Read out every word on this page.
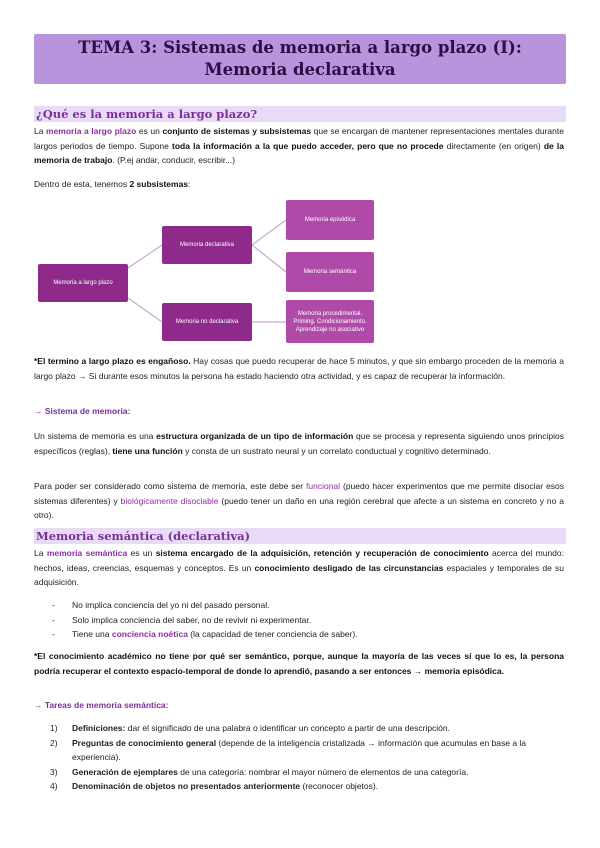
TEMA 3: Sistemas de memoria a largo plazo (I): Memoria declarativa
¿Qué es la memoria a largo plazo?

La memoria a largo plazo es un conjunto de sistemas y subsistemas que se encargan de mantener representaciones mentales durante largos periodos de tiempo. Supone toda la información a la que puedo acceder, pero que no procede directamente (en origen) de la memoria de trabajo. (P.ej andar, conducir, escribir...)

Dentro de esta, tenemos 2 subsistemas:

Memoria a largo plazo
Memoria declarativa
Memoria no declarativa
Memoria episódica
Memoria semántica
Memoria procedimental. Priming. Condicionamiento. Aprendizaje no asociativo

*El termino a largo plazo es engañoso. Hay cosas que puedo recuperar de hace 5 minutos, y que sin embargo proceden de la memoria a largo plazo → Si durante esos minutos la persona ha estado haciendo otra actividad, y es capaz de recuperar la información.

→ Sistema de memoria:

Un sistema de memoria es una estructura organizada de un tipo de información que se procesa y representa siguiendo unos principios específicos (reglas), tiene una función y consta de un sustrato neural y un correlato conductual y cognitivo determinado.

Para poder ser considerado como sistema de memoria, este debe ser funcional (puedo hacer experimentos que me permite disociar esos sistemas diferentes) y biológicamente disociable (puedo tener un daño en una región cerebral que afecte a un sistema en concreto y no a otro).

Memoria semántica (declarativa)

La memoria semántica es un sistema encargado de la adquisición, retención y recuperación de conocimiento acerca del mundo: hechos, ideas, creencias, esquemas y conceptos. Es un conocimiento desligado de las circunstancias espaciales y temporales de su adquisición.

- No implica conciencia del yo ni del pasado personal.
- Solo implica conciencia del saber, no de revivir ni experimentar.
- Tiene una conciencia noética (la capacidad de tener conciencia de saber).

*El conocimiento académico no tiene por qué ser semántico, porque, aunque la mayoría de las veces sí que lo es, la persona podría recuperar el contexto espacio-temporal de donde lo aprendió, pasando a ser entonces → memoria episódica.

→ Tareas de memoria semántica:
1) Definiciones: dar el significado de una palabra o identificar un concepto a partir de una descripción.
2) Preguntas de conocimiento general (depende de la inteligencia cristalizada → información que acumulas en base a la experiencia).
3) Generación de ejemplares de una categoría: nombrar el mayor número de elementos de una categoría.
4) Denominación de objetos no presentados anteriormente (reconocer objetos).
